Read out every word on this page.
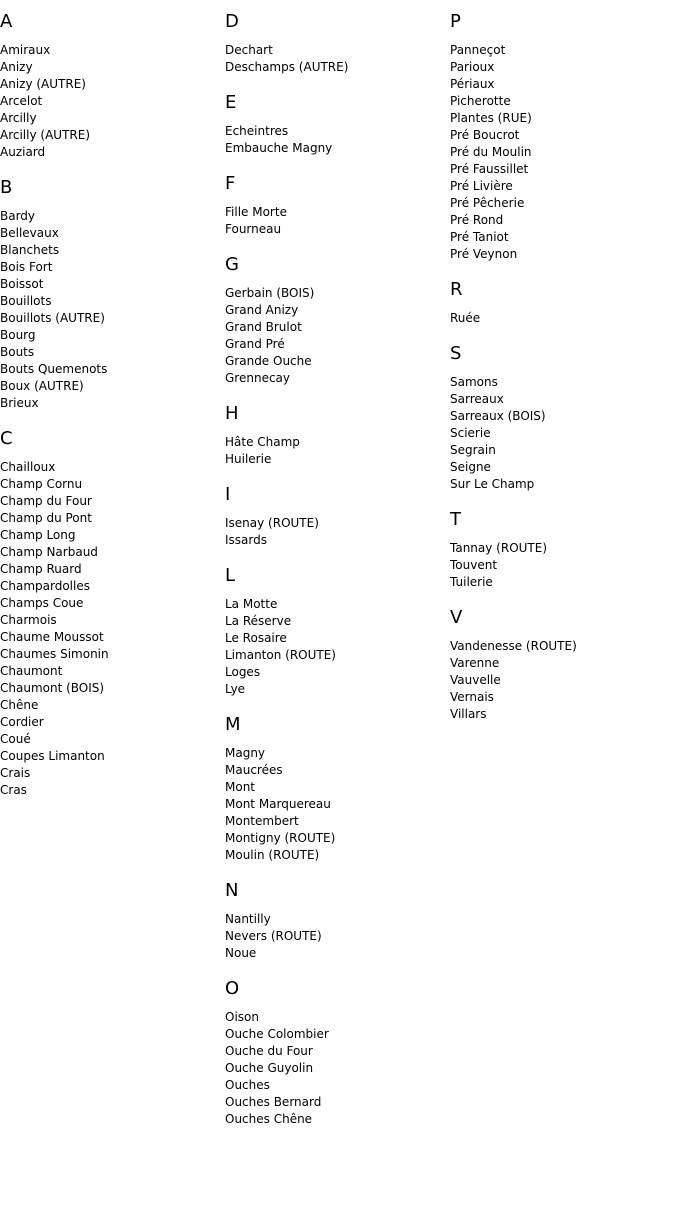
A
Amiraux
Anizy
Anizy (AUTRE)
Arcelot
Arcilly
Arcilly (AUTRE)
Auziard
B
Bardy
Bellevaux
Blanchets
Bois Fort
Boissot
Bouillots
Bouillots (AUTRE)
Bourg
Bouts
Bouts Quemenots
Boux (AUTRE)
Brieux
C
Chailloux
Champ Cornu
Champ du Four
Champ du Pont
Champ Long
Champ Narbaud
Champ Ruard
Champardolles
Champs Coue
Charmois
Chaume Moussot
Chaumes Simonin
Chaumont
Chaumont (BOIS)
Chêne
Cordier
Coué
Coupes Limanton
Crais
Cras
D
Dechart
Deschamps (AUTRE)
E
Echeintres
Embauche Magny
F
Fille Morte
Fourneau
G
Gerbain (BOIS)
Grand Anizy
Grand Brulot
Grand Pré
Grande Ouche
Grennecay
H
Hâte Champ
Huilerie
I
Isenay (ROUTE)
Issards
L
La Motte
La Réserve
Le Rosaire
Limanton (ROUTE)
Loges
Lye
M
Magny
Maucrées
Mont
Mont Marquereau
Montembert
Montigny (ROUTE)
Moulin (ROUTE)
N
Nantilly
Nevers (ROUTE)
Noue
O
Oison
Ouche Colombier
Ouche du Four
Ouche Guyolin
Ouches
Ouches Bernard
Ouches Chêne
P
Panneçot
Parioux
Périaux
Picherotte
Plantes (RUE)
Pré Boucrot
Pré du Moulin
Pré Faussillet
Pré Livière
Pré Pêcherie
Pré Rond
Pré Taniot
Pré Veynon
R
Ruée
S
Samons
Sarreaux
Sarreaux (BOIS)
Scierie
Segrain
Seigne
Sur Le Champ
T
Tannay (ROUTE)
Touvent
Tuilerie
V
Vandenesse (ROUTE)
Varenne
Vauvelle
Vernais
Villars
